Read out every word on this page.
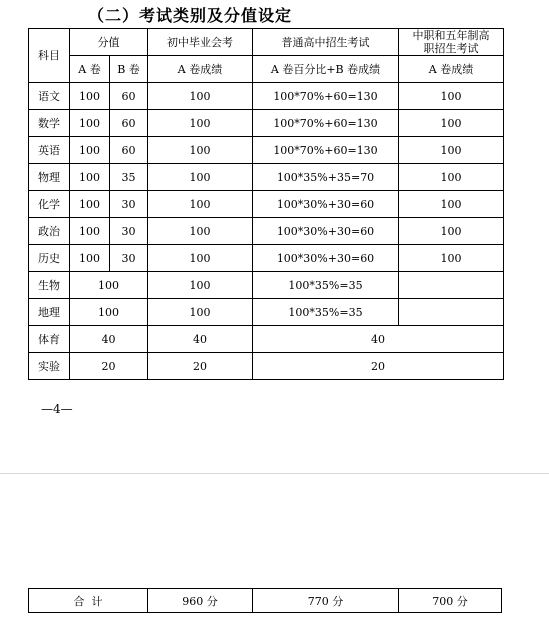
（二）考试类别及分值设定
科目	分值		初中毕业会考	普通高中招生考试	中职和五年制高
职招生考试

	A 卷	B 卷	A 卷成绩	A 卷百分比+B 卷成绩	A 卷成绩
语文	100	60	100	100*70%+60=130	100
数学	100	60	100	100*70%+60=130	100
英语	100	60	100	100*70%+60=130	100
物理	100	35	100	100*35%+35=70	100
化学	100	30	100	100*30%+30=60	100
政治	100	30	100	100*30%+30=60	100
历史	100	30	100	100*30%+30=60	100
生物	100		100	100*35%=35	
地理	100		100	100*35%=35	
体育	40		40	40	
实验	20		20	20	
—4—
合  计	960 分	770 分	700 分
